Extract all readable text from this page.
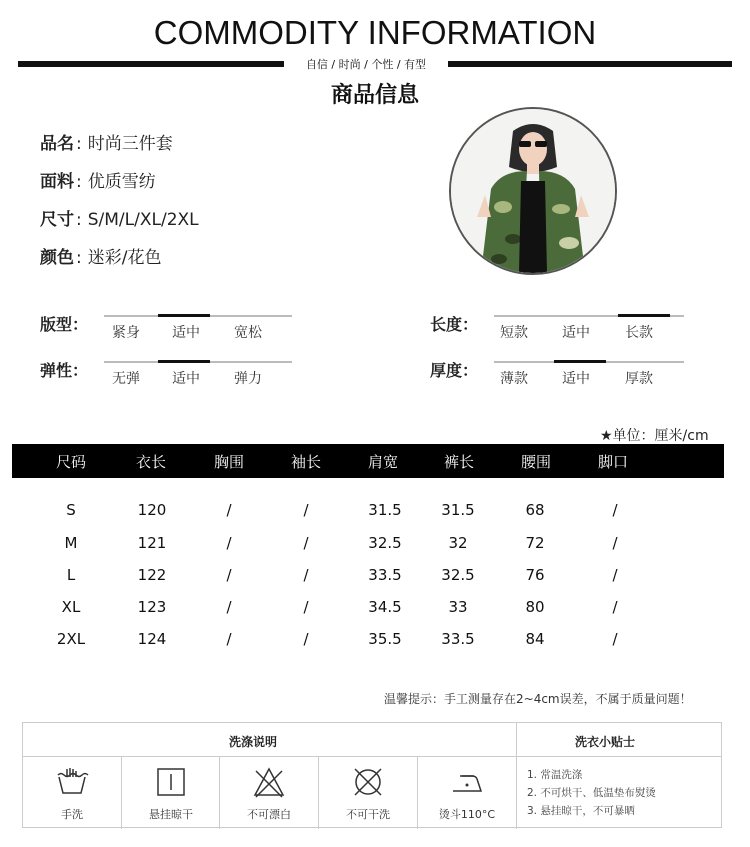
COMMODITY INFORMATION
自信 / 时尚 / 个性 / 有型
商品信息
品名 : 时尚三件套
面料 : 优质雪纺
尺寸 : S/M/L/XL/2XL
颜色 : 迷彩/花色
版型： 紧身 适中 宽松
弹性： 无弹 适中 弹力
长度： 短款 适中	长款
厚度： 薄款 适中	厚款
★单位：厘米/cm
尺码	衣长	胸围	袖长	肩宽	裤长	腰围	脚口
S	120	/	/	31.5	31.5	68	/
M	121	/	/	32.5	32	72	/
L	122	/	/	33.5	32.5	76	/
XL	123	/	/	34.5	33	80	/
2XL	124	/	/	35.5	33.5	84	/
温馨提示：手工测量存在2~4cm误差，不属于质量问题！
洗涤说明	洗衣小贴士
手洗	悬挂晾干	不可漂白	不可干洗	烫斗110°C
1. 常温洗涤
2. 不可烘干、低温垫布熨烫
3. 悬挂晾干，不可暴晒
